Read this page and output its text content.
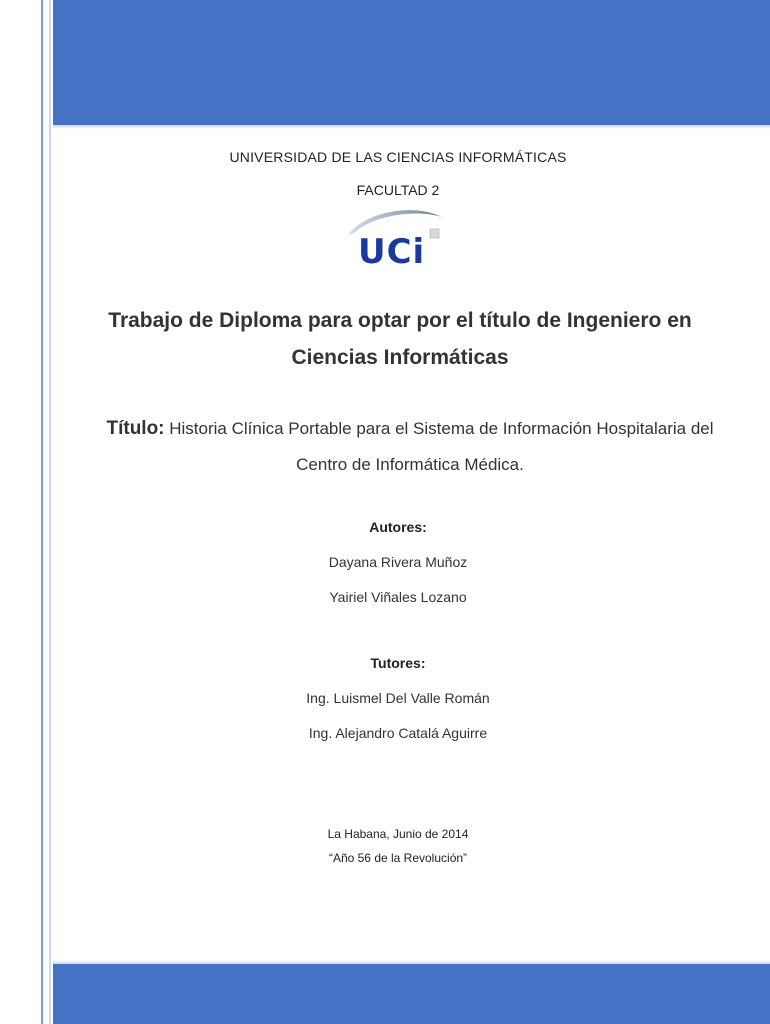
UNIVERSIDAD DE LAS CIENCIAS INFORMÁTICAS
FACULTAD 2
UCi
Trabajo de Diploma para optar por el título de Ingeniero en
Ciencias Informáticas
Título: Historia Clínica Portable para el Sistema de Información Hospitalaria del
Centro de Informática Médica.
Autores:
Dayana Rivera Muñoz
Yairiel Viñales Lozano
Tutores:
Ing. Luismel Del Valle Román
Ing. Alejandro Catalá Aguirre
La Habana, Junio de 2014
“Año 56 de la Revolución”
